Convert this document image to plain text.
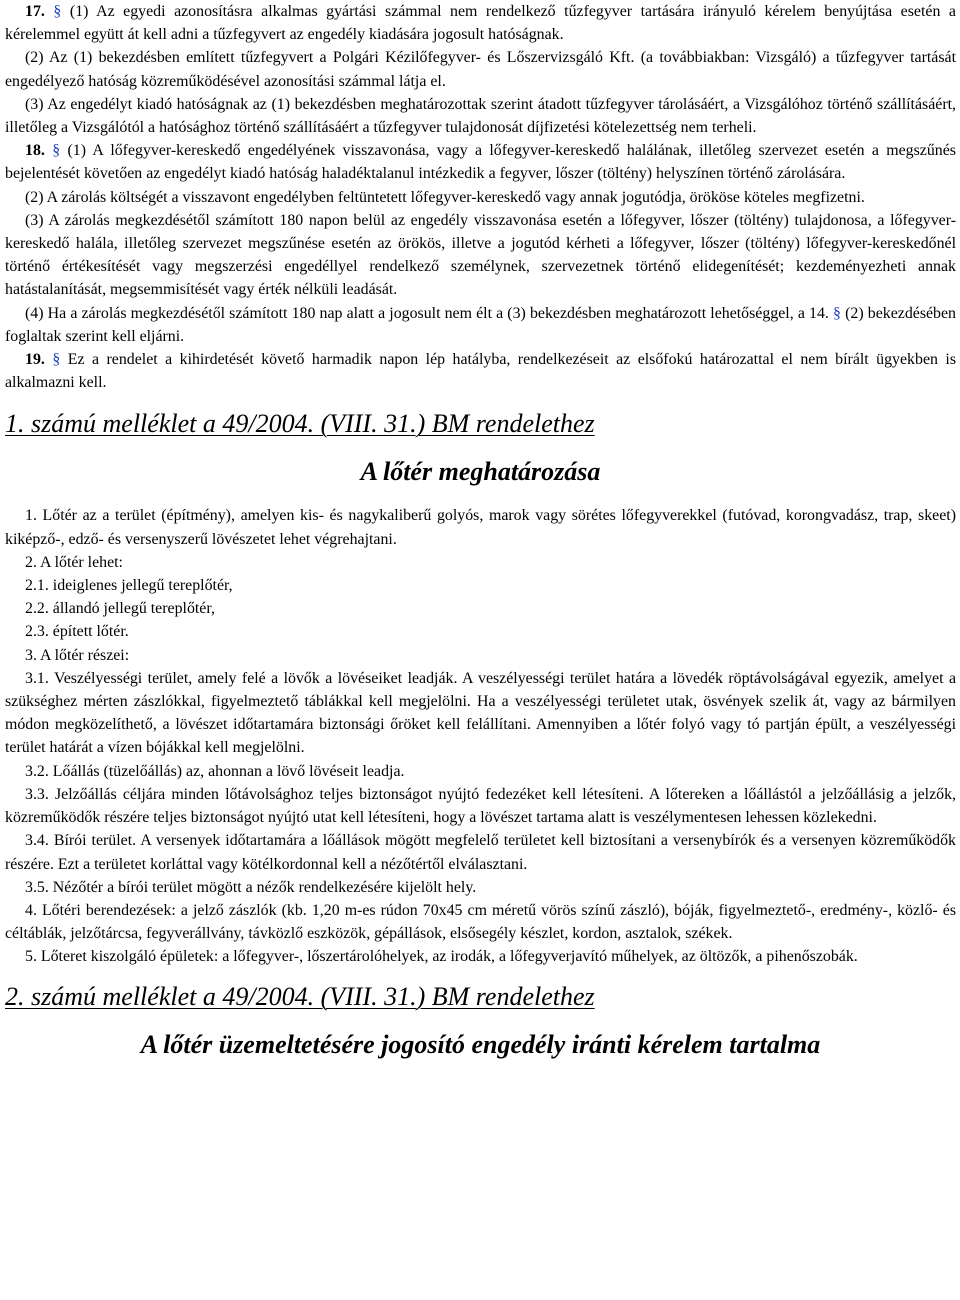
17. § (1) Az egyedi azonosításra alkalmas gyártási számmal nem rendelkező tűzfegyver tartására irányuló kérelem benyújtása esetén a kérelemmel együtt át kell adni a tűzfegyvert az engedély kiadására jogosult hatóságnak.

(2) Az (1) bekezdésben említett tűzfegyvert a Polgári Kézilőfegyver- és Lőszervizsgáló Kft. (a továbbiakban: Vizsgáló) a tűzfegyver tartását engedélyező hatóság közreműködésével azonosítási számmal látja el.

(3) Az engedélyt kiadó hatóságnak az (1) bekezdésben meghatározottak szerint átadott tűzfegyver tárolásáért, a Vizsgálóhoz történő szállításáért, illetőleg a Vizsgálótól a hatósághoz történő szállításáért a tűzfegyver tulajdonosát díjfizetési kötelezettség nem terheli.

18. § (1) A lőfegyver-kereskedő engedélyének visszavonása, vagy a lőfegyver-kereskedő halálának, illetőleg szervezet esetén a megszűnés bejelentését követően az engedélyt kiadó hatóság haladéktalanul intézkedik a fegyver, lőszer (töltény) helyszínen történő zárolására.

(2) A zárolás költségét a visszavont engedélyben feltüntetett lőfegyver-kereskedő vagy annak jogutódja, örököse köteles megfizetni.

(3) A zárolás megkezdésétől számított 180 napon belül az engedély visszavonása esetén a lőfegyver, lőszer (töltény) tulajdonosa, a lőfegyver-kereskedő halála, illetőleg szervezet megszűnése esetén az örökös, illetve a jogutód kérheti a lőfegyver, lőszer (töltény) lőfegyver-kereskedőnél történő értékesítését vagy megszerzési engedéllyel rendelkező személynek, szervezetnek történő elidegenítését; kezdeményezheti annak hatástalanítását, megsemmisítését vagy érték nélküli leadását.

(4) Ha a zárolás megkezdésétől számított 180 nap alatt a jogosult nem élt a (3) bekezdésben meghatározott lehetőséggel, a 14. § (2) bekezdésében foglaltak szerint kell eljárni.

19. § Ez a rendelet a kihirdetését követő harmadik napon lép hatályba, rendelkezéseit az elsőfokú határozattal el nem bírált ügyekben is alkalmazni kell.

1. számú melléklet a 49/2004. (VIII. 31.) BM rendelethez

A lőtér meghatározása

1. Lőtér az a terület (építmény), amelyen kis- és nagykaliberű golyós, marok vagy sörétes lőfegyverekkel (futóvad, korongvadász, trap, skeet) kiképző-, edző- és versenyszerű lövészetet lehet végrehajtani.

2. A lőtér lehet:

2.1. ideiglenes jellegű tereplőtér,

2.2. állandó jellegű tereplőtér,

2.3. épített lőtér.

3. A lőtér részei:

3.1. Veszélyességi terület, amely felé a lövők a lövéseiket leadják. A veszélyességi terület határa a lövedék röptávolságával egyezik, amelyet a szükséghez mérten zászlókkal, figyelmeztető táblákkal kell megjelölni. Ha a veszélyességi területet utak, ösvények szelik át, vagy az bármilyen módon megközelíthető, a lövészet időtartamára biztonsági őröket kell felállítani. Amennyiben a lőtér folyó vagy tó partján épült, a veszélyességi terület határát a vízen bójákkal kell megjelölni.

3.2. Lőállás (tüzelőállás) az, ahonnan a lövő lövéseit leadja.

3.3. Jelzőállás céljára minden lőtávolsághoz teljes biztonságot nyújtó fedezéket kell létesíteni. A lőtereken a lőállástól a jelzőállásig a jelzők, közreműködők részére teljes biztonságot nyújtó utat kell létesíteni, hogy a lövészet tartama alatt is veszélymentesen lehessen közlekedni.

3.4. Bírói terület. A versenyek időtartamára a lőállások mögött megfelelő területet kell biztosítani a versenybírók és a versenyen közreműködők részére. Ezt a területet korláttal vagy kötélkordonnal kell a nézőtértől elválasztani.

3.5. Nézőtér a bírói terület mögött a nézők rendelkezésére kijelölt hely.

4. Lőtéri berendezések: a jelző zászlók (kb. 1,20 m-es rúdon 70x45 cm méretű vörös színű zászló), bóják, figyelmeztető-, eredmény-, közlő- és céltáblák, jelzőtárcsa, fegyverállvány, távközlő eszközök, gépállások, elsősegély készlet, kordon, asztalok, székek.

5. Lőteret kiszolgáló épületek: a lőfegyver-, lőszertárolóhelyek, az irodák, a lőfegyverjavító műhelyek, az öltözők, a pihenőszobák.

2. számú melléklet a 49/2004. (VIII. 31.) BM rendelethez

A lőtér üzemeltetésére jogosító engedély iránti kérelem tartalma
